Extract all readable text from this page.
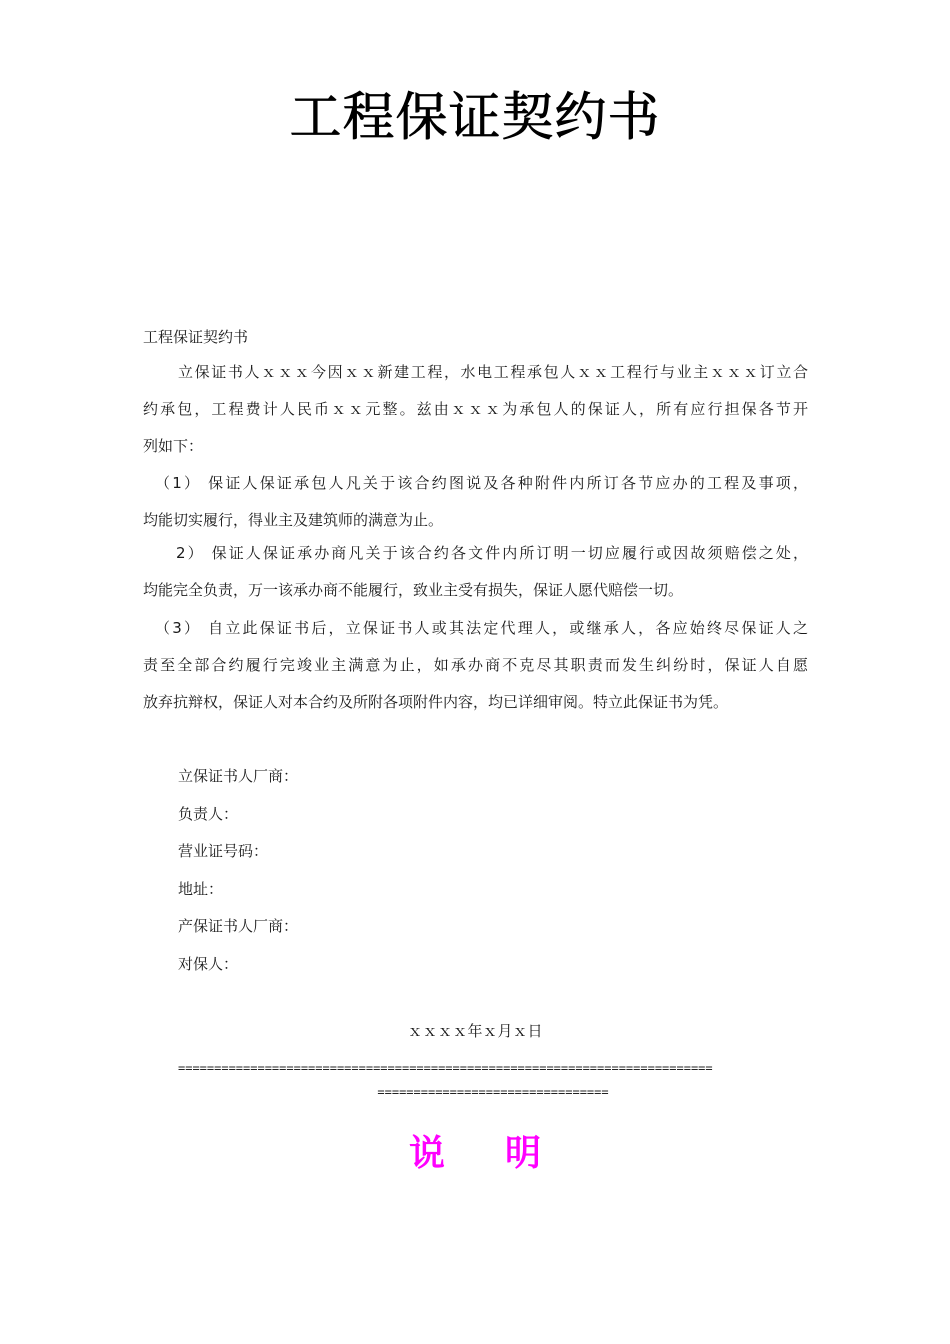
工程保证契约书
工程保证契约书
立保证书人ｘｘｘ今因ｘｘ新建工程，水电工程承包人ｘｘ工程行与业主ｘｘｘ订立合
约承包，工程费计人民币ｘｘ元整。兹由ｘｘｘ为承包人的保证人，所有应行担保各节开
列如下：
（1） 保证人保证承包人凡关于该合约图说及各种附件内所订各节应办的工程及事项，
均能切实履行，得业主及建筑师的满意为止。
2） 保证人保证承办商凡关于该合约各文件内所订明一切应履行或因故须赔偿之处，
均能完全负责，万一该承办商不能履行，致业主受有损失，保证人愿代赔偿一切。
（3） 自立此保证书后，立保证书人或其法定代理人，或继承人，各应始终尽保证人之
责至全部合约履行完竣业主满意为止，如承办商不克尽其职责而发生纠纷时，保证人自愿
放弃抗辩权，保证人对本合约及所附各项附件内容，均已详细审阅。特立此保证书为凭。
立保证书人厂商：
负责人：
营业证号码：
地址：
产保证书人厂商：
对保人：
ｘｘｘｘ年ｘ月ｘ日
==========================================================================
================================
说明
